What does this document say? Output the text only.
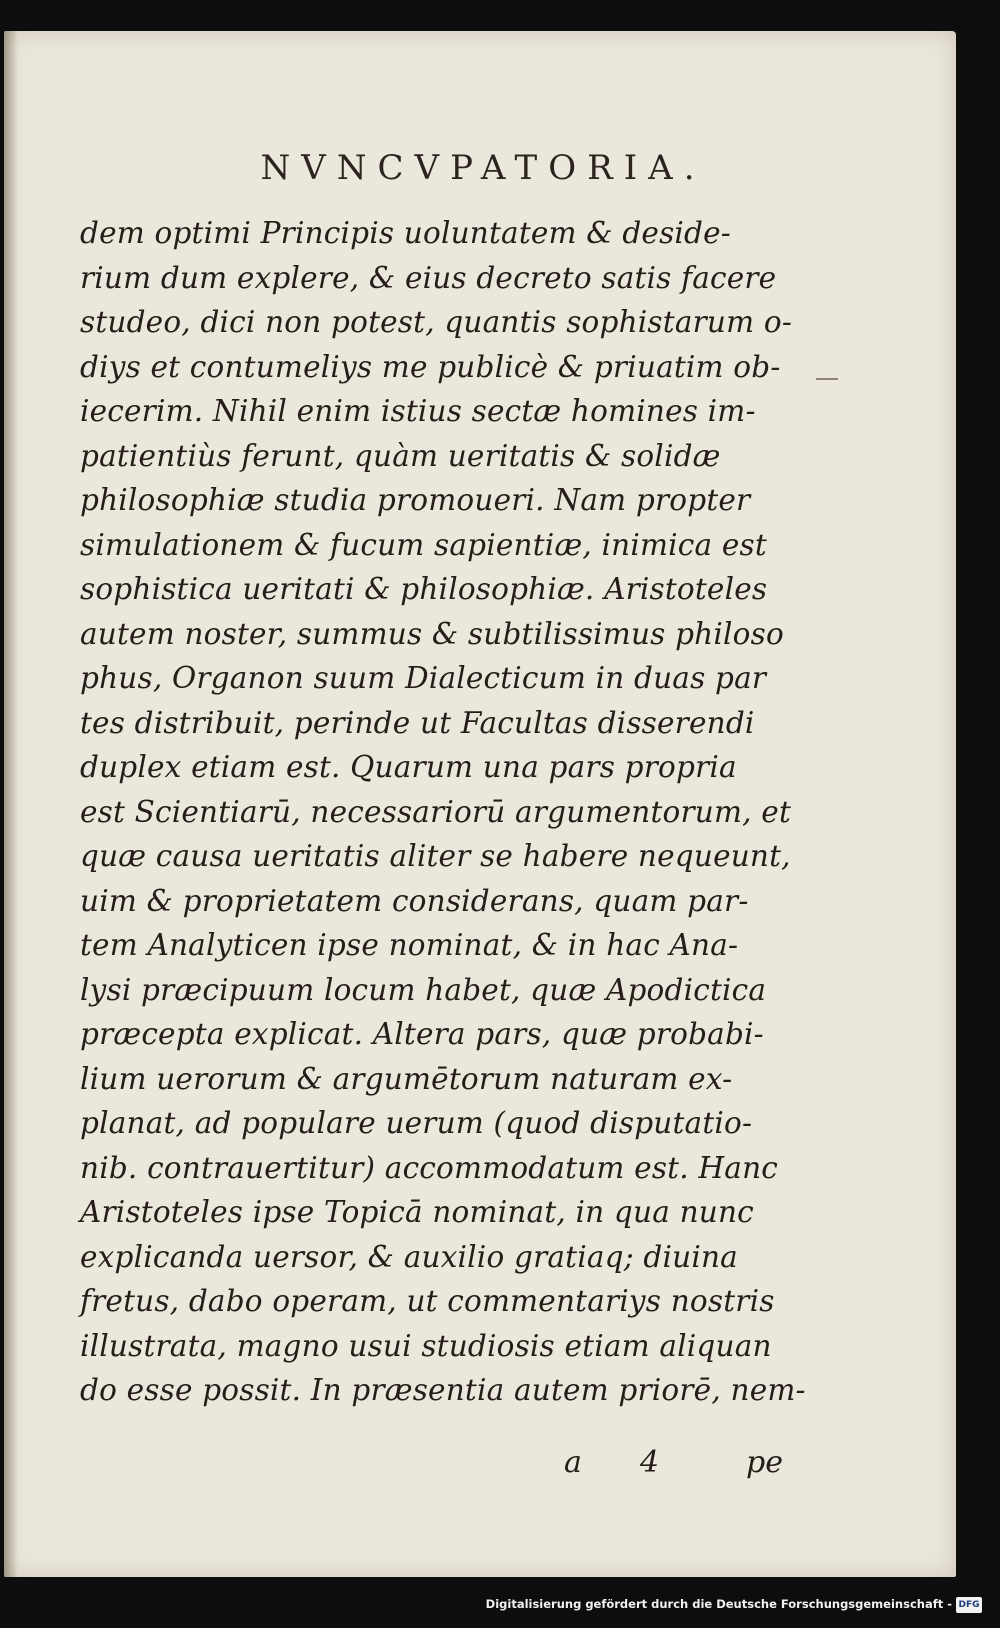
NVNCVPATORIA.
dem optimi Principis uoluntatem & deside-
rium dum explere, & eius decreto satis facere
studeo, dici non potest, quantis sophistarum o-
diys et contumeliys me publicè & priuatim ob-
iecerim. Nihil enim istius sectæ homines im-
patientiùs ferunt, quàm ueritatis & solidæ
philosophiæ studia promoueri. Nam propter
simulationem & fucum sapientiæ, inimica est
sophistica ueritati & philosophiæ. Aristoteles
autem noster, summus & subtilissimus philoso
phus, Organon suum Dialecticum in duas par
tes distribuit, perinde ut Facultas disserendi
duplex etiam est. Quarum una pars propria
est Scientiarū, necessariorū argumentorum, et
quæ causa ueritatis aliter se habere nequeunt,
uim & proprietatem considerans, quam par-
tem Analyticen ipse nominat, & in hac Ana-
lysi præcipuum locum habet, quæ Apodictica
præcepta explicat. Altera pars, quæ probabi-
lium uerorum & argumētorum naturam ex-
planat, ad populare uerum (quod disputatio-
nib. contrauertitur) accommodatum est. Hanc
Aristoteles ipse Topicā nominat, in qua nunc
explicanda uersor, & auxilio gratiaq; diuina
fretus, dabo operam, ut commentariys nostris
illustrata, magno usui studiosis etiam aliquan
do esse possit. In præsentia autem priorē, nem-
a 4	pe
Digitalisierung gefördert durch die Deutsche Forschungsgemeinschaft - DFG
